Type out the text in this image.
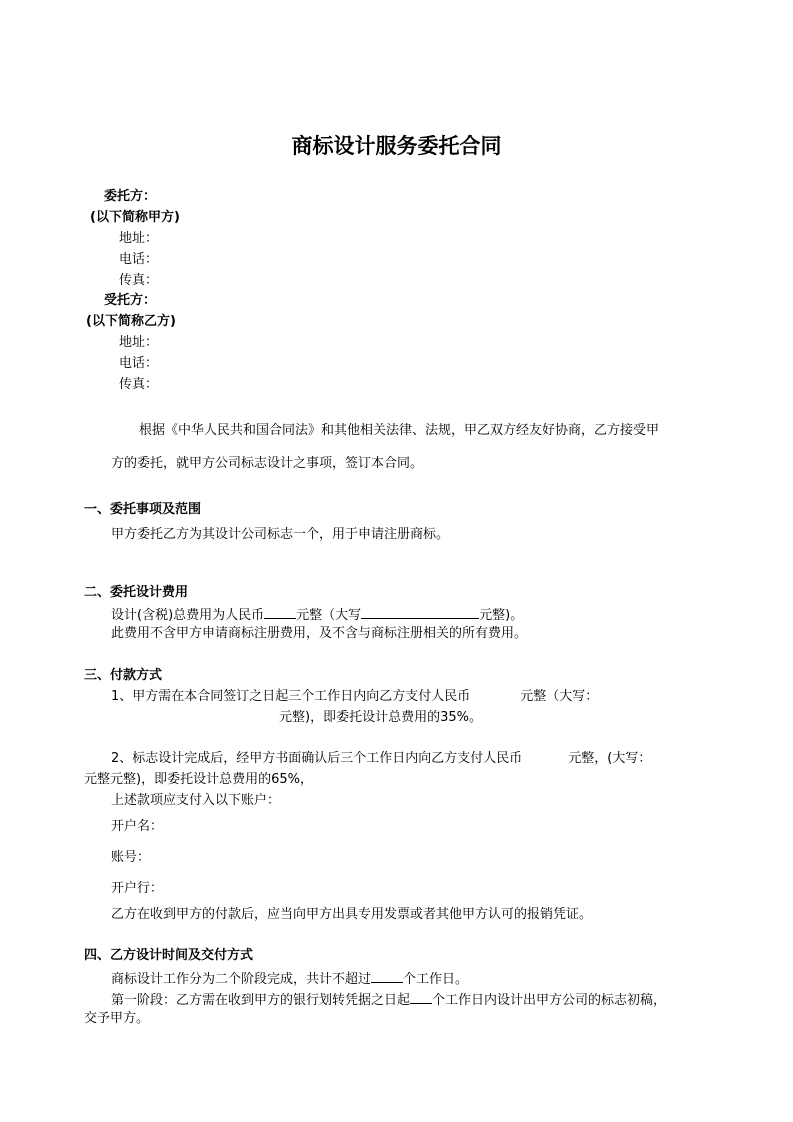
商标设计服务委托合同
委托方：
(以下简称甲方)
地址：
电话：
传真：
受托方：
(以下简称乙方)
地址：
电话：
传真：
根据《中华人民共和国合同法》和其他相关法律、法规，甲乙双方经友好协商，乙方接受甲
方的委托，就甲方公司标志设计之事项，签订本合同。
一、委托事项及范围
甲方委托乙方为其设计公司标志一个，用于申请注册商标。
二、委托设计费用
设计(含税)总费用为人民币 元整（大写	元整)。
此费用不含甲方申请商标注册费用，及不含与商标注册相关的所有费用。
三、付款方式
1、甲方需在本合同签订之日起三个工作日内向乙方支付人民币	元整（大写：
元整)，即委托设计总费用的35%。
2、标志设计完成后，经甲方书面确认后三个工作日内向乙方支付人民币	元整，(大写：
元整元整)，即委托设计总费用的65%，
上述款项应支付入以下账户：
开户名：
账号：
开户行：
乙方在收到甲方的付款后，应当向甲方出具专用发票或者其他甲方认可的报销凭证。
四、乙方设计时间及交付方式
商标设计工作分为二个阶段完成，共计不超过 个工作日。
第一阶段：乙方需在收到甲方的银行划转凭据之日起 个工作日内设计出甲方公司的标志初稿，
交予甲方。
